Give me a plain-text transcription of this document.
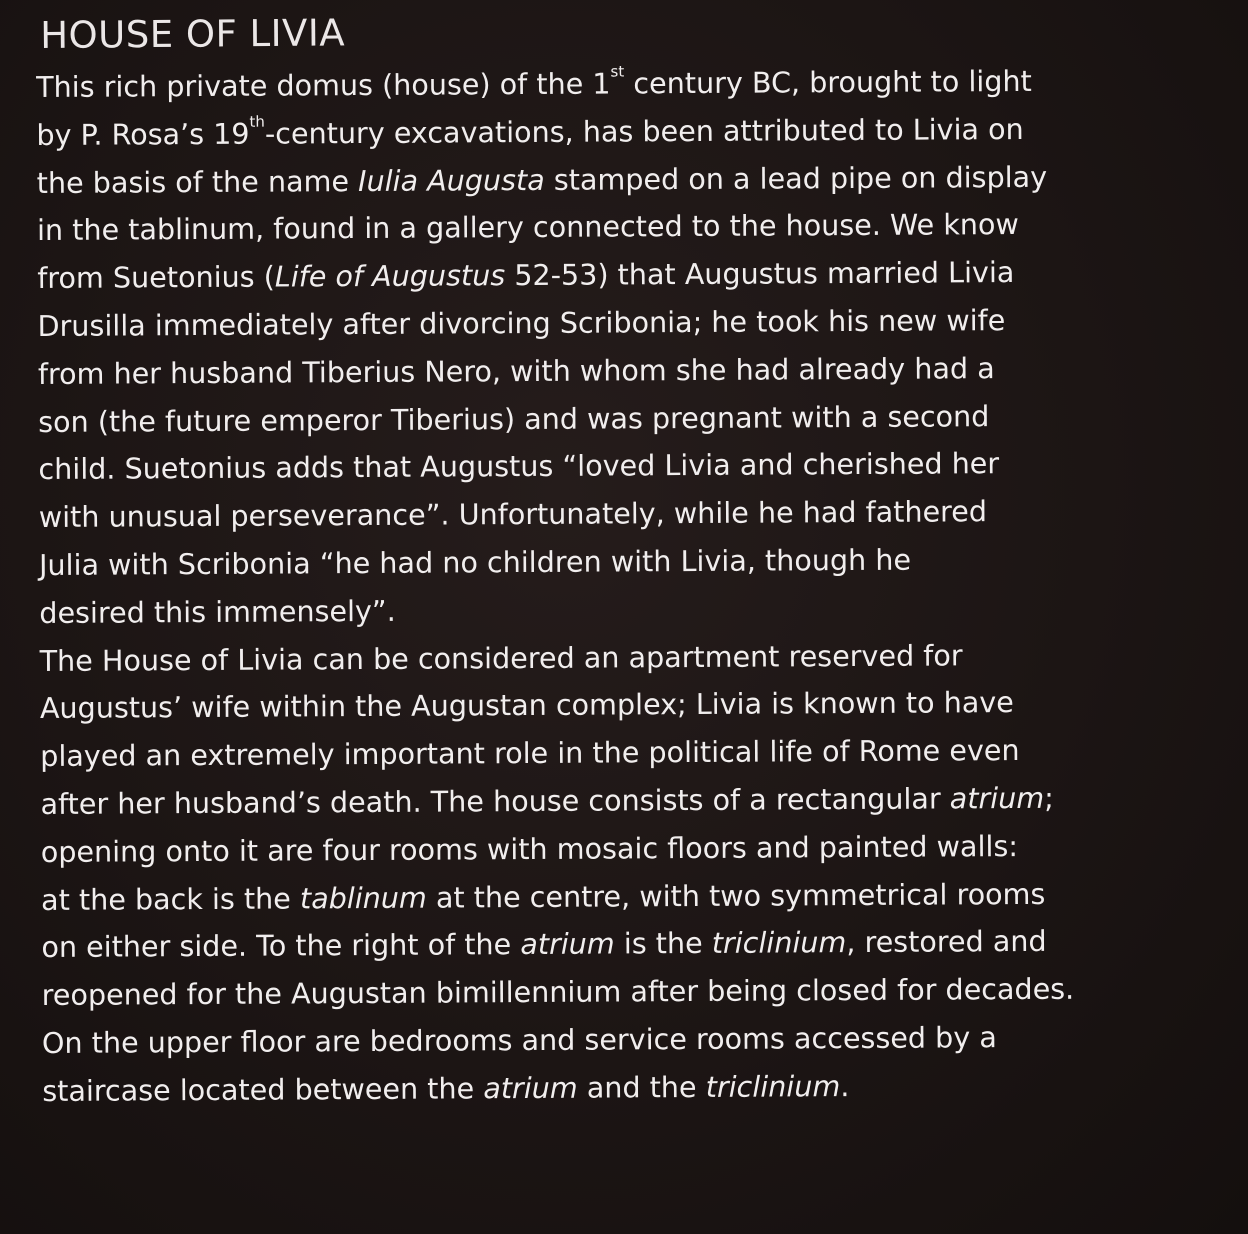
HOUSE OF LIVIA
This rich private domus (house) of the 1st century BC, brought to light
by P. Rosa’s 19th-century excavations, has been attributed to Livia on
the basis of the name Iulia Augusta stamped on a lead pipe on display
in the tablinum, found in a gallery connected to the house. We know
from Suetonius (Life of Augustus 52-53) that Augustus married Livia
Drusilla immediately after divorcing Scribonia; he took his new wife
from her husband Tiberius Nero, with whom she had already had a
son (the future emperor Tiberius) and was pregnant with a second
child. Suetonius adds that Augustus “loved Livia and cherished her
with unusual perseverance”. Unfortunately, while he had fathered
Julia with Scribonia “he had no children with Livia, though he
desired this immensely”.
The House of Livia can be considered an apartment reserved for
Augustus’ wife within the Augustan complex; Livia is known to have
played an extremely important role in the political life of Rome even
after her husband’s death. The house consists of a rectangular atrium;
opening onto it are four rooms with mosaic floors and painted walls:
at the back is the tablinum at the centre, with two symmetrical rooms
on either side. To the right of the atrium is the triclinium, restored and
reopened for the Augustan bimillennium after being closed for decades.
On the upper floor are bedrooms and service rooms accessed by a
staircase located between the atrium and the triclinium.
